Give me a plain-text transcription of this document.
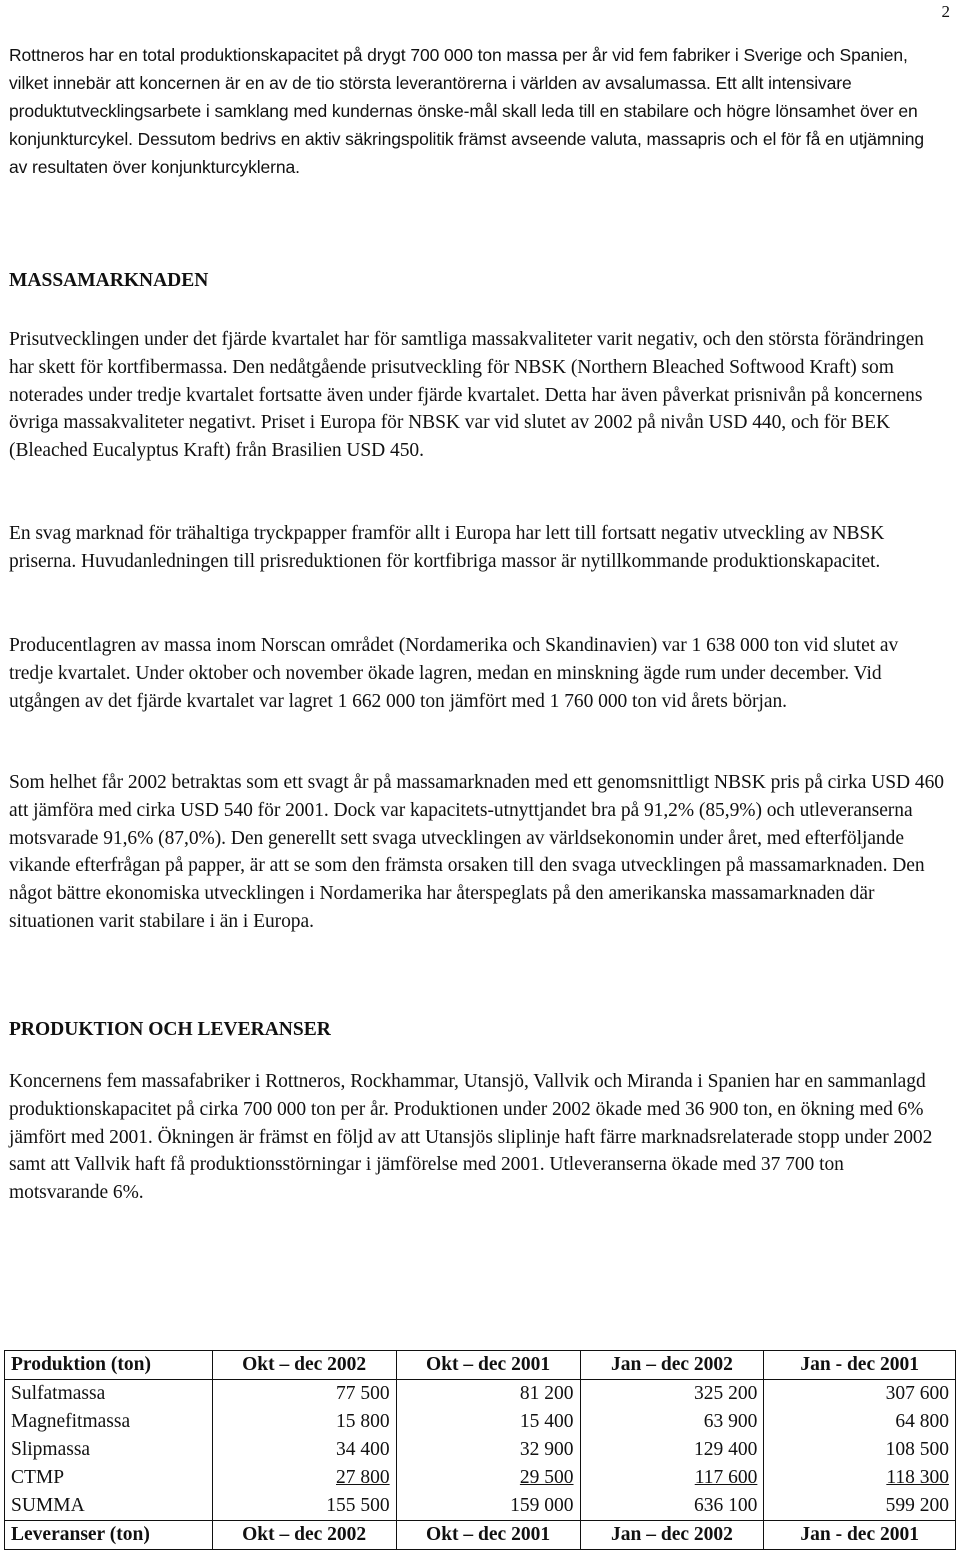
2

Rottneros har en total produktionskapacitet på drygt 700 000 ton massa per år vid fem fabriker i Sverige och Spanien, vilket innebär att koncernen är en av de tio största leverantörerna i världen av avsalumassa. Ett allt intensivare produktutvecklingsarbete i samklang med kundernas önske-mål skall leda till en stabilare och högre lönsamhet över en konjunkturcykel. Dessutom bedrivs en aktiv säkringspolitik främst avseende valuta, massapris och el för få en utjämning av resultaten över konjunkturcyklerna.

MASSAMARKNADEN

Prisutvecklingen under det fjärde kvartalet har för samtliga massakvaliteter varit negativ, och den största förändringen har skett för kortfibermassa. Den nedåtgående prisutveckling för NBSK (Northern Bleached Softwood Kraft) som noterades under tredje kvartalet fortsatte även under fjärde kvartalet. Detta har även påverkat prisnivån på koncernens övriga massakvaliteter negativt. Priset i Europa för NBSK var vid slutet av 2002 på nivån USD 440, och för BEK (Bleached Eucalyptus Kraft) från Brasilien USD 450.

En svag marknad för trähaltiga tryckpapper framför allt i Europa har lett till fortsatt negativ utveckling av NBSK priserna. Huvudanledningen till prisreduktionen för kortfibriga massor är nytillkommande produktionskapacitet.

Producentlagren av massa inom Norscan området (Nordamerika och Skandinavien) var 1 638 000 ton vid slutet av tredje kvartalet. Under oktober och november ökade lagren, medan en minskning ägde rum under december. Vid utgången av det fjärde kvartalet var lagret 1 662 000 ton jämfört med 1 760 000 ton vid årets början.

Som helhet får 2002 betraktas som ett svagt år på massamarknaden med ett genomsnittligt NBSK pris på cirka USD 460 att jämföra med cirka USD 540 för 2001. Dock var kapacitets-utnyttjandet bra på 91,2% (85,9%) och utleveranserna motsvarade 91,6% (87,0%). Den generellt sett svaga utvecklingen av världsekonomin under året, med efterföljande vikande efterfrågan på papper, är att se som den främsta orsaken till den svaga utvecklingen på massamarknaden. Den något bättre ekonomiska utvecklingen i Nordamerika har återspeglats på den amerikanska massamarknaden där situationen varit stabilare i än i Europa.

PRODUKTION OCH LEVERANSER

Koncernens fem massafabriker i Rottneros, Rockhammar, Utansjö, Vallvik och Miranda i Spanien har en sammanlagd produktionskapacitet på cirka 700 000 ton per år. Produktionen under 2002 ökade med 36 900 ton, en ökning med 6% jämfört med 2001. Ökningen är främst en följd av att Utansjös sliplinje haft färre marknadsrelaterade stopp under 2002 samt att Vallvik haft få produktionsstörningar i jämförelse med 2001. Utleveranserna ökade med 37 700 ton motsvarande 6%.

Produktion (ton)	Okt – dec 2002	Okt – dec 2001	Jan – dec 2002	Jan - dec 2001
Sulfatmassa	77 500	81 200	325 200	307 600
Magnefitmassa	15 800	15 400	63 900	64 800
Slipmassa	34 400	32 900	129 400	108 500
CTMP	27 800	29 500	117 600	118 300
SUMMA	155 500	159 000	636 100	599 200
Leveranser (ton)	Okt – dec 2002	Okt – dec 2001	Jan – dec 2002	Jan - dec 2001
